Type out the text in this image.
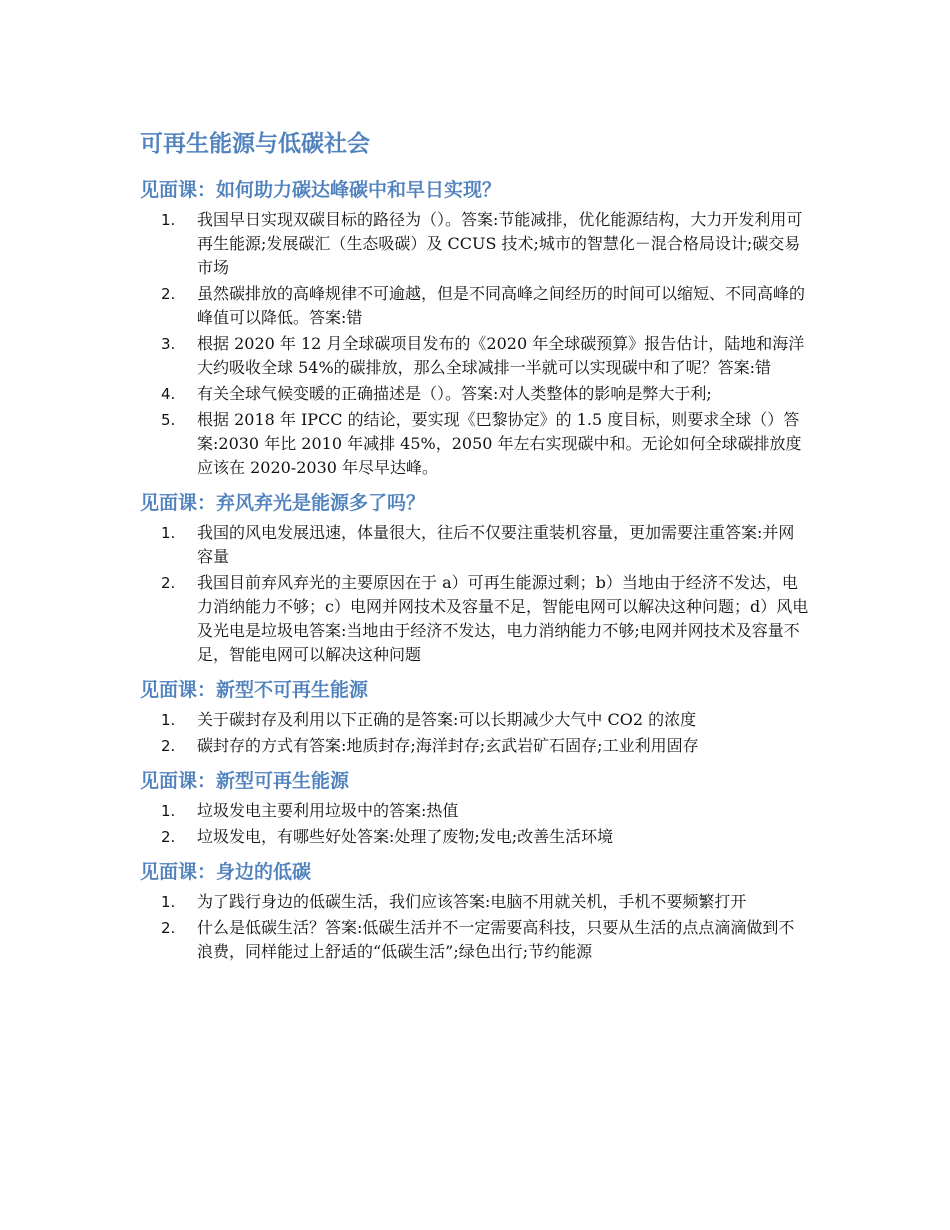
可再生能源与低碳社会
见面课：如何助力碳达峰碳中和早日实现？
1. 我国早日实现双碳目标的路径为（）。答案:节能减排，优化能源结构，大力开发利用可再生能源;发展碳汇（生态吸碳）及 CCUS 技术;城市的智慧化－混合格局设计;碳交易市场
2. 虽然碳排放的高峰规律不可逾越，但是不同高峰之间经历的时间可以缩短、不同高峰的峰值可以降低。答案:错
3. 根据 2020 年 12 月全球碳项目发布的《2020 年全球碳预算》报告估计，陆地和海洋大约吸收全球 54%的碳排放，那么全球减排一半就可以实现碳中和了呢？答案:错
4. 有关全球气候变暖的正确描述是（）。答案:对人类整体的影响是弊大于利;
5. 根据 2018 年 IPCC 的结论，要实现《巴黎协定》的 1.5 度目标，则要求全球（）答案:2030 年比 2010 年减排 45%，2050 年左右实现碳中和。无论如何全球碳排放度应该在 2020-2030 年尽早达峰。
见面课：弃风弃光是能源多了吗？
1. 我国的风电发展迅速，体量很大，往后不仅要注重装机容量，更加需要注重答案:并网容量
2. 我国目前弃风弃光的主要原因在于 a）可再生能源过剩；b）当地由于经济不发达，电力消纳能力不够；c）电网并网技术及容量不足，智能电网可以解决这种问题；d）风电及光电是垃圾电答案:当地由于经济不发达，电力消纳能力不够;电网并网技术及容量不足，智能电网可以解决这种问题
见面课：新型不可再生能源
1. 关于碳封存及利用以下正确的是答案:可以长期减少大气中 CO2 的浓度
2. 碳封存的方式有答案:地质封存;海洋封存;玄武岩矿石固存;工业利用固存
见面课：新型可再生能源
1. 垃圾发电主要利用垃圾中的答案:热值
2. 垃圾发电，有哪些好处答案:处理了废物;发电;改善生活环境
见面课：身边的低碳
1. 为了践行身边的低碳生活，我们应该答案:电脑不用就关机，手机不要频繁打开
2. 什么是低碳生活？答案:低碳生活并不一定需要高科技，只要从生活的点点滴滴做到不浪费，同样能过上舒适的“低碳生活”;绿色出行;节约能源
